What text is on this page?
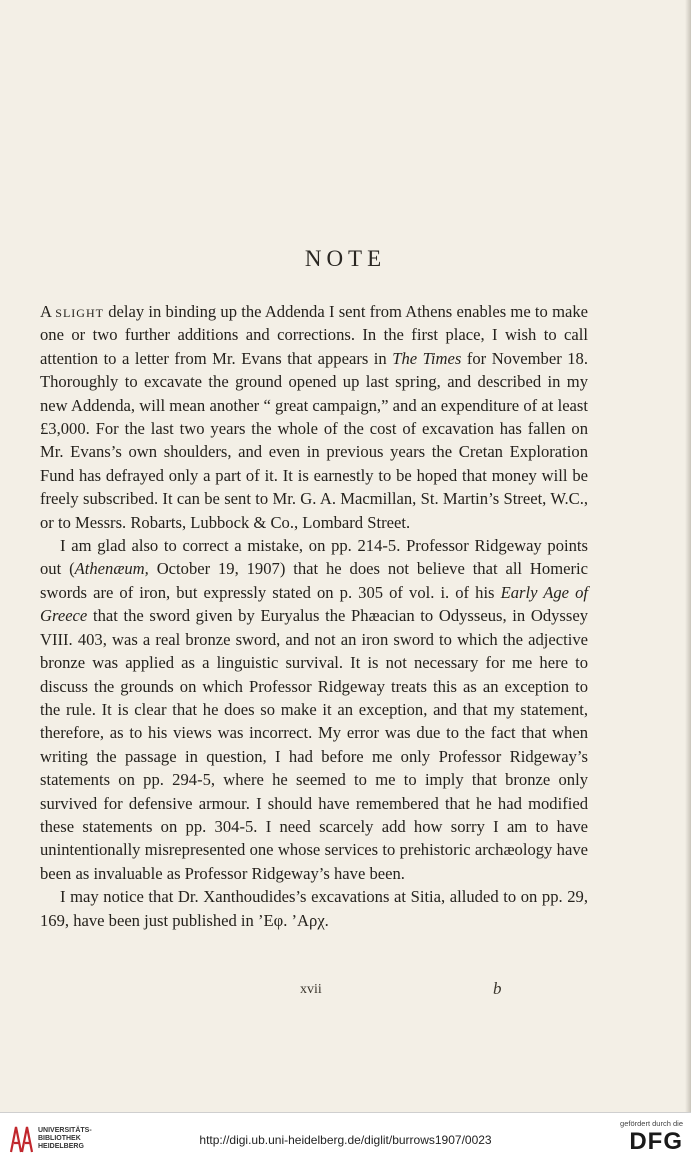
NOTE

A slight delay in binding up the Addenda I sent from Athens enables me to make one or two further additions and corrections. In the first place, I wish to call attention to a letter from Mr. Evans that appears in The Times for November 18. Thoroughly to excavate the ground opened up last spring, and described in my new Addenda, will mean another “ great campaign,” and an expenditure of at least £3,000. For the last two years the whole of the cost of excavation has fallen on Mr. Evans’s own shoulders, and even in previous years the Cretan Exploration Fund has defrayed only a part of it. It is earnestly to be hoped that money will be freely subscribed. It can be sent to Mr. G. A. Macmillan, St. Martin’s Street, W.C., or to Messrs. Robarts, Lubbock & Co., Lombard Street.

I am glad also to correct a mistake, on pp. 214-5. Professor Ridgeway points out (Athenæum, October 19, 1907) that he does not believe that all Homeric swords are of iron, but expressly stated on p. 305 of vol. i. of his Early Age of Greece that the sword given by Euryalus the Phæacian to Odysseus, in Odyssey VIII. 403, was a real bronze sword, and not an iron sword to which the adjective bronze was applied as a linguistic survival. It is not necessary for me here to discuss the grounds on which Professor Ridgeway treats this as an exception to the rule. It is clear that he does so make it an exception, and that my statement, therefore, as to his views was incorrect. My error was due to the fact that when writing the passage in question, I had before me only Professor Ridgeway’s statements on pp. 294-5, where he seemed to me to imply that bronze only survived for defensive armour. I should have remembered that he had modified these statements on pp. 304-5. I need scarcely add how sorry I am to have unintentionally misrepresented one whose services to prehistoric archæology have been as invaluable as Professor Ridgeway’s have been.

I may notice that Dr. Xanthoudides’s excavations at Sitia, alluded to on pp. 29, 169, have been just published in ’Εφ. ’Αρχ.

xvii	b
UNIVERSITÄTS-
BIBLIOTHEK
HEIDELBERG	http://digi.ub.uni-heidelberg.de/diglit/burrows1907/0023
gefördert durch die
DFG
